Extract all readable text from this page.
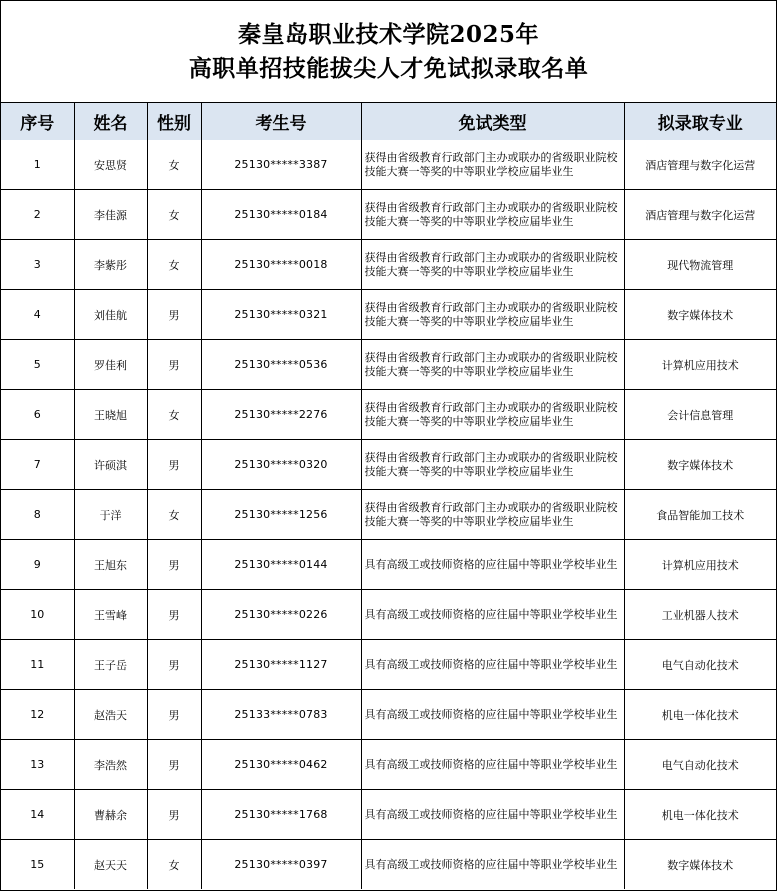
秦皇岛职业技术学院2025年
高职单招技能拔尖人才免试拟录取名单
序号	姓名	性别	考生号	免试类型	拟录取专业
1	安思贤	女	25130*****3387	获得由省级教育行政部门主办或联办的省级职业院校技能大赛一等奖的中等职业学校应届毕业生	酒店管理与数字化运营
2	李佳源	女	25130*****0184	获得由省级教育行政部门主办或联办的省级职业院校技能大赛一等奖的中等职业学校应届毕业生	酒店管理与数字化运营
3	李紫彤	女	25130*****0018	获得由省级教育行政部门主办或联办的省级职业院校技能大赛一等奖的中等职业学校应届毕业生	现代物流管理
4	刘佳航	男	25130*****0321	获得由省级教育行政部门主办或联办的省级职业院校技能大赛一等奖的中等职业学校应届毕业生	数字媒体技术
5	罗佳利	男	25130*****0536	获得由省级教育行政部门主办或联办的省级职业院校技能大赛一等奖的中等职业学校应届毕业生	计算机应用技术
6	王晓旭	女	25130*****2276	获得由省级教育行政部门主办或联办的省级职业院校技能大赛一等奖的中等职业学校应届毕业生	会计信息管理
7	许硕淇	男	25130*****0320	获得由省级教育行政部门主办或联办的省级职业院校技能大赛一等奖的中等职业学校应届毕业生	数字媒体技术
8	于洋	女	25130*****1256	获得由省级教育行政部门主办或联办的省级职业院校技能大赛一等奖的中等职业学校应届毕业生	食品智能加工技术
9	王旭东	男	25130*****0144	具有高级工或技师资格的应往届中等职业学校毕业生	计算机应用技术
10	王雪峰	男	25130*****0226	具有高级工或技师资格的应往届中等职业学校毕业生	工业机器人技术
11	王子岳	男	25130*****1127	具有高级工或技师资格的应往届中等职业学校毕业生	电气自动化技术
12	赵浩天	男	25133*****0783	具有高级工或技师资格的应往届中等职业学校毕业生	机电一体化技术
13	李浩然	男	25130*****0462	具有高级工或技师资格的应往届中等职业学校毕业生	电气自动化技术
14	曹赫余	男	25130*****1768	具有高级工或技师资格的应往届中等职业学校毕业生	机电一体化技术
15	赵天天	女	25130*****0397	具有高级工或技师资格的应往届中等职业学校毕业生	数字媒体技术
